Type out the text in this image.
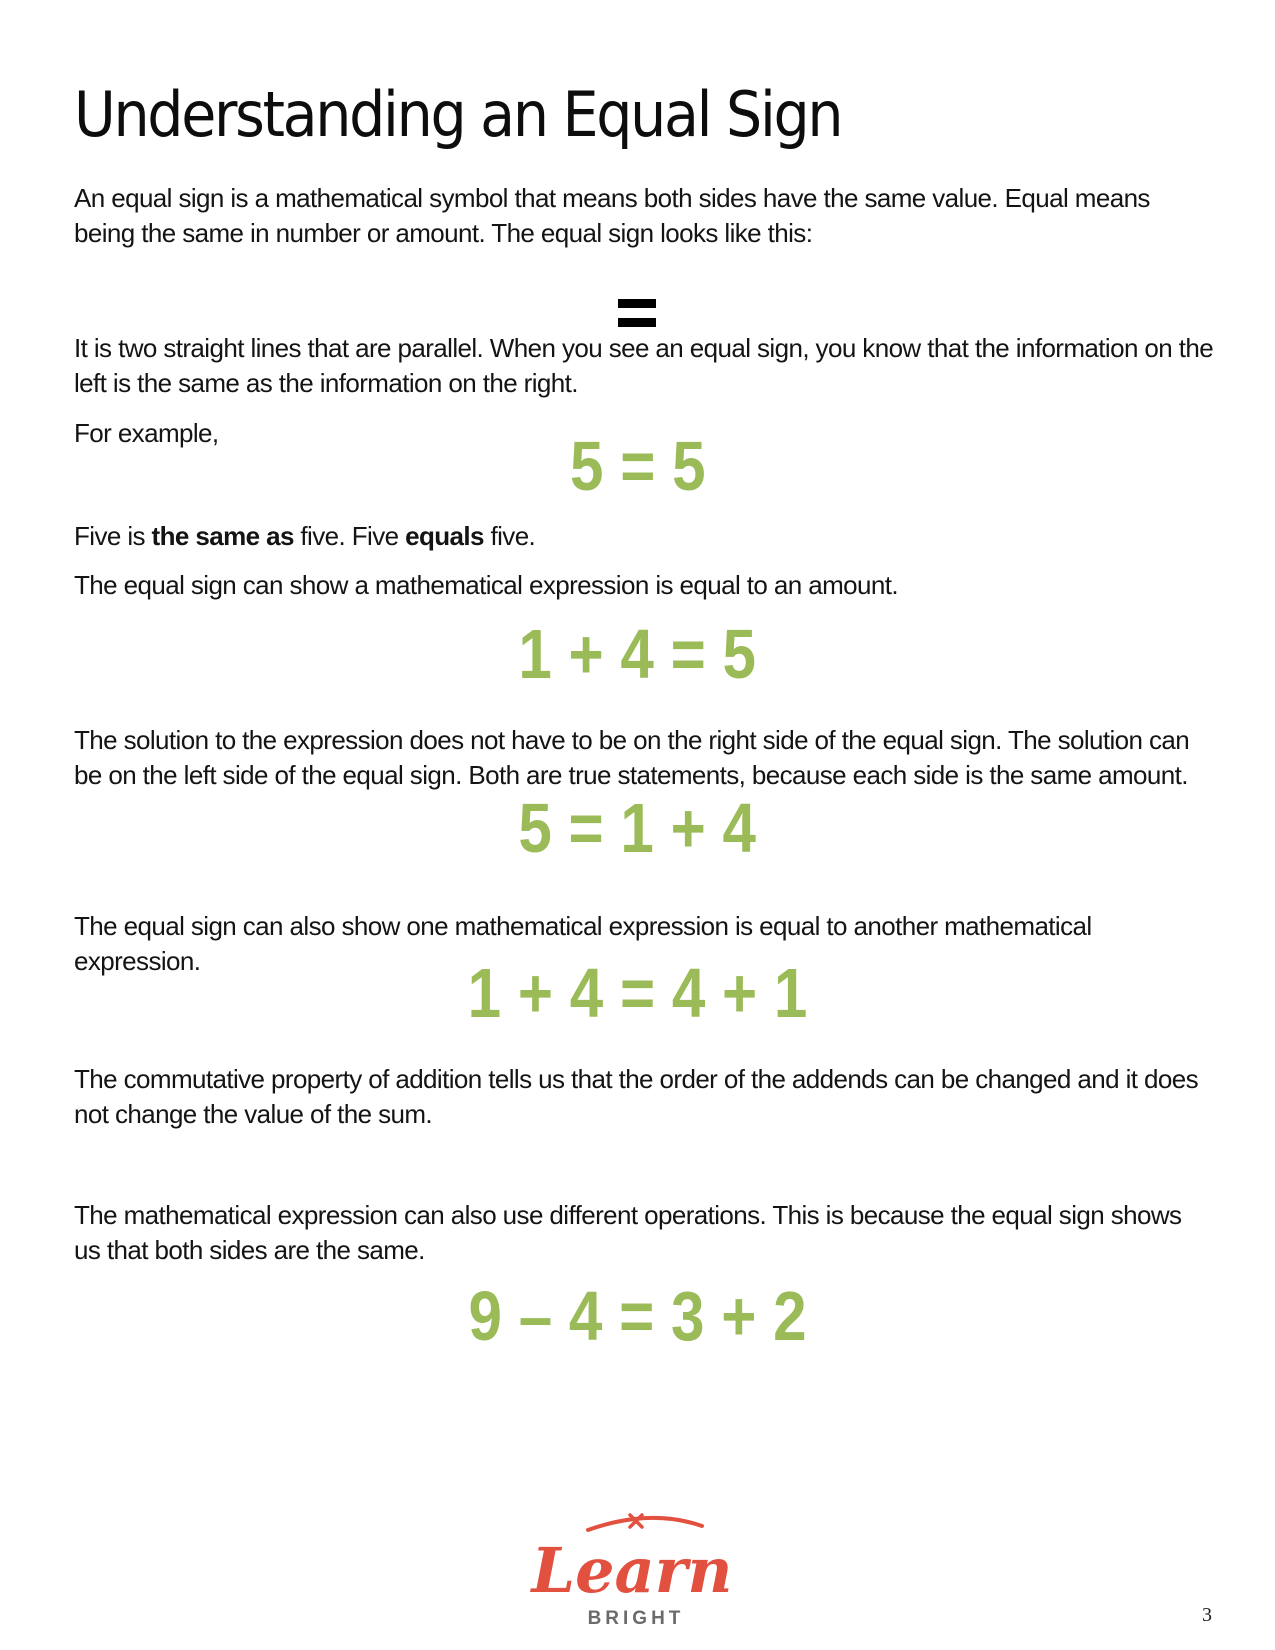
Understanding an Equal Sign

An equal sign is a mathematical symbol that means both sides have the same value. Equal means being the same in number or amount. The equal sign looks like this:

It is two straight lines that are parallel. When you see an equal sign, you know that the information on the left is the same as the information on the right.

For example,	5 = 5

Five is the same as five. Five equals five.

The equal sign can show a mathematical expression is equal to an amount.

1 + 4 = 5

The solution to the expression does not have to be on the right side of the equal sign. The solution can be on the left side of the equal sign. Both are true statements, because each side is the same amount.

5 = 1 + 4

The equal sign can also show one mathematical expression is equal to another mathematical expression.	1 + 4 = 4 + 1

The commutative property of addition tells us that the order of the addends can be changed and it does not change the value of the sum.

The mathematical expression can also use different operations. This is because the equal sign shows us that both sides are the same.

9 – 4 = 3 + 2

Learn
BRIGHT	3
